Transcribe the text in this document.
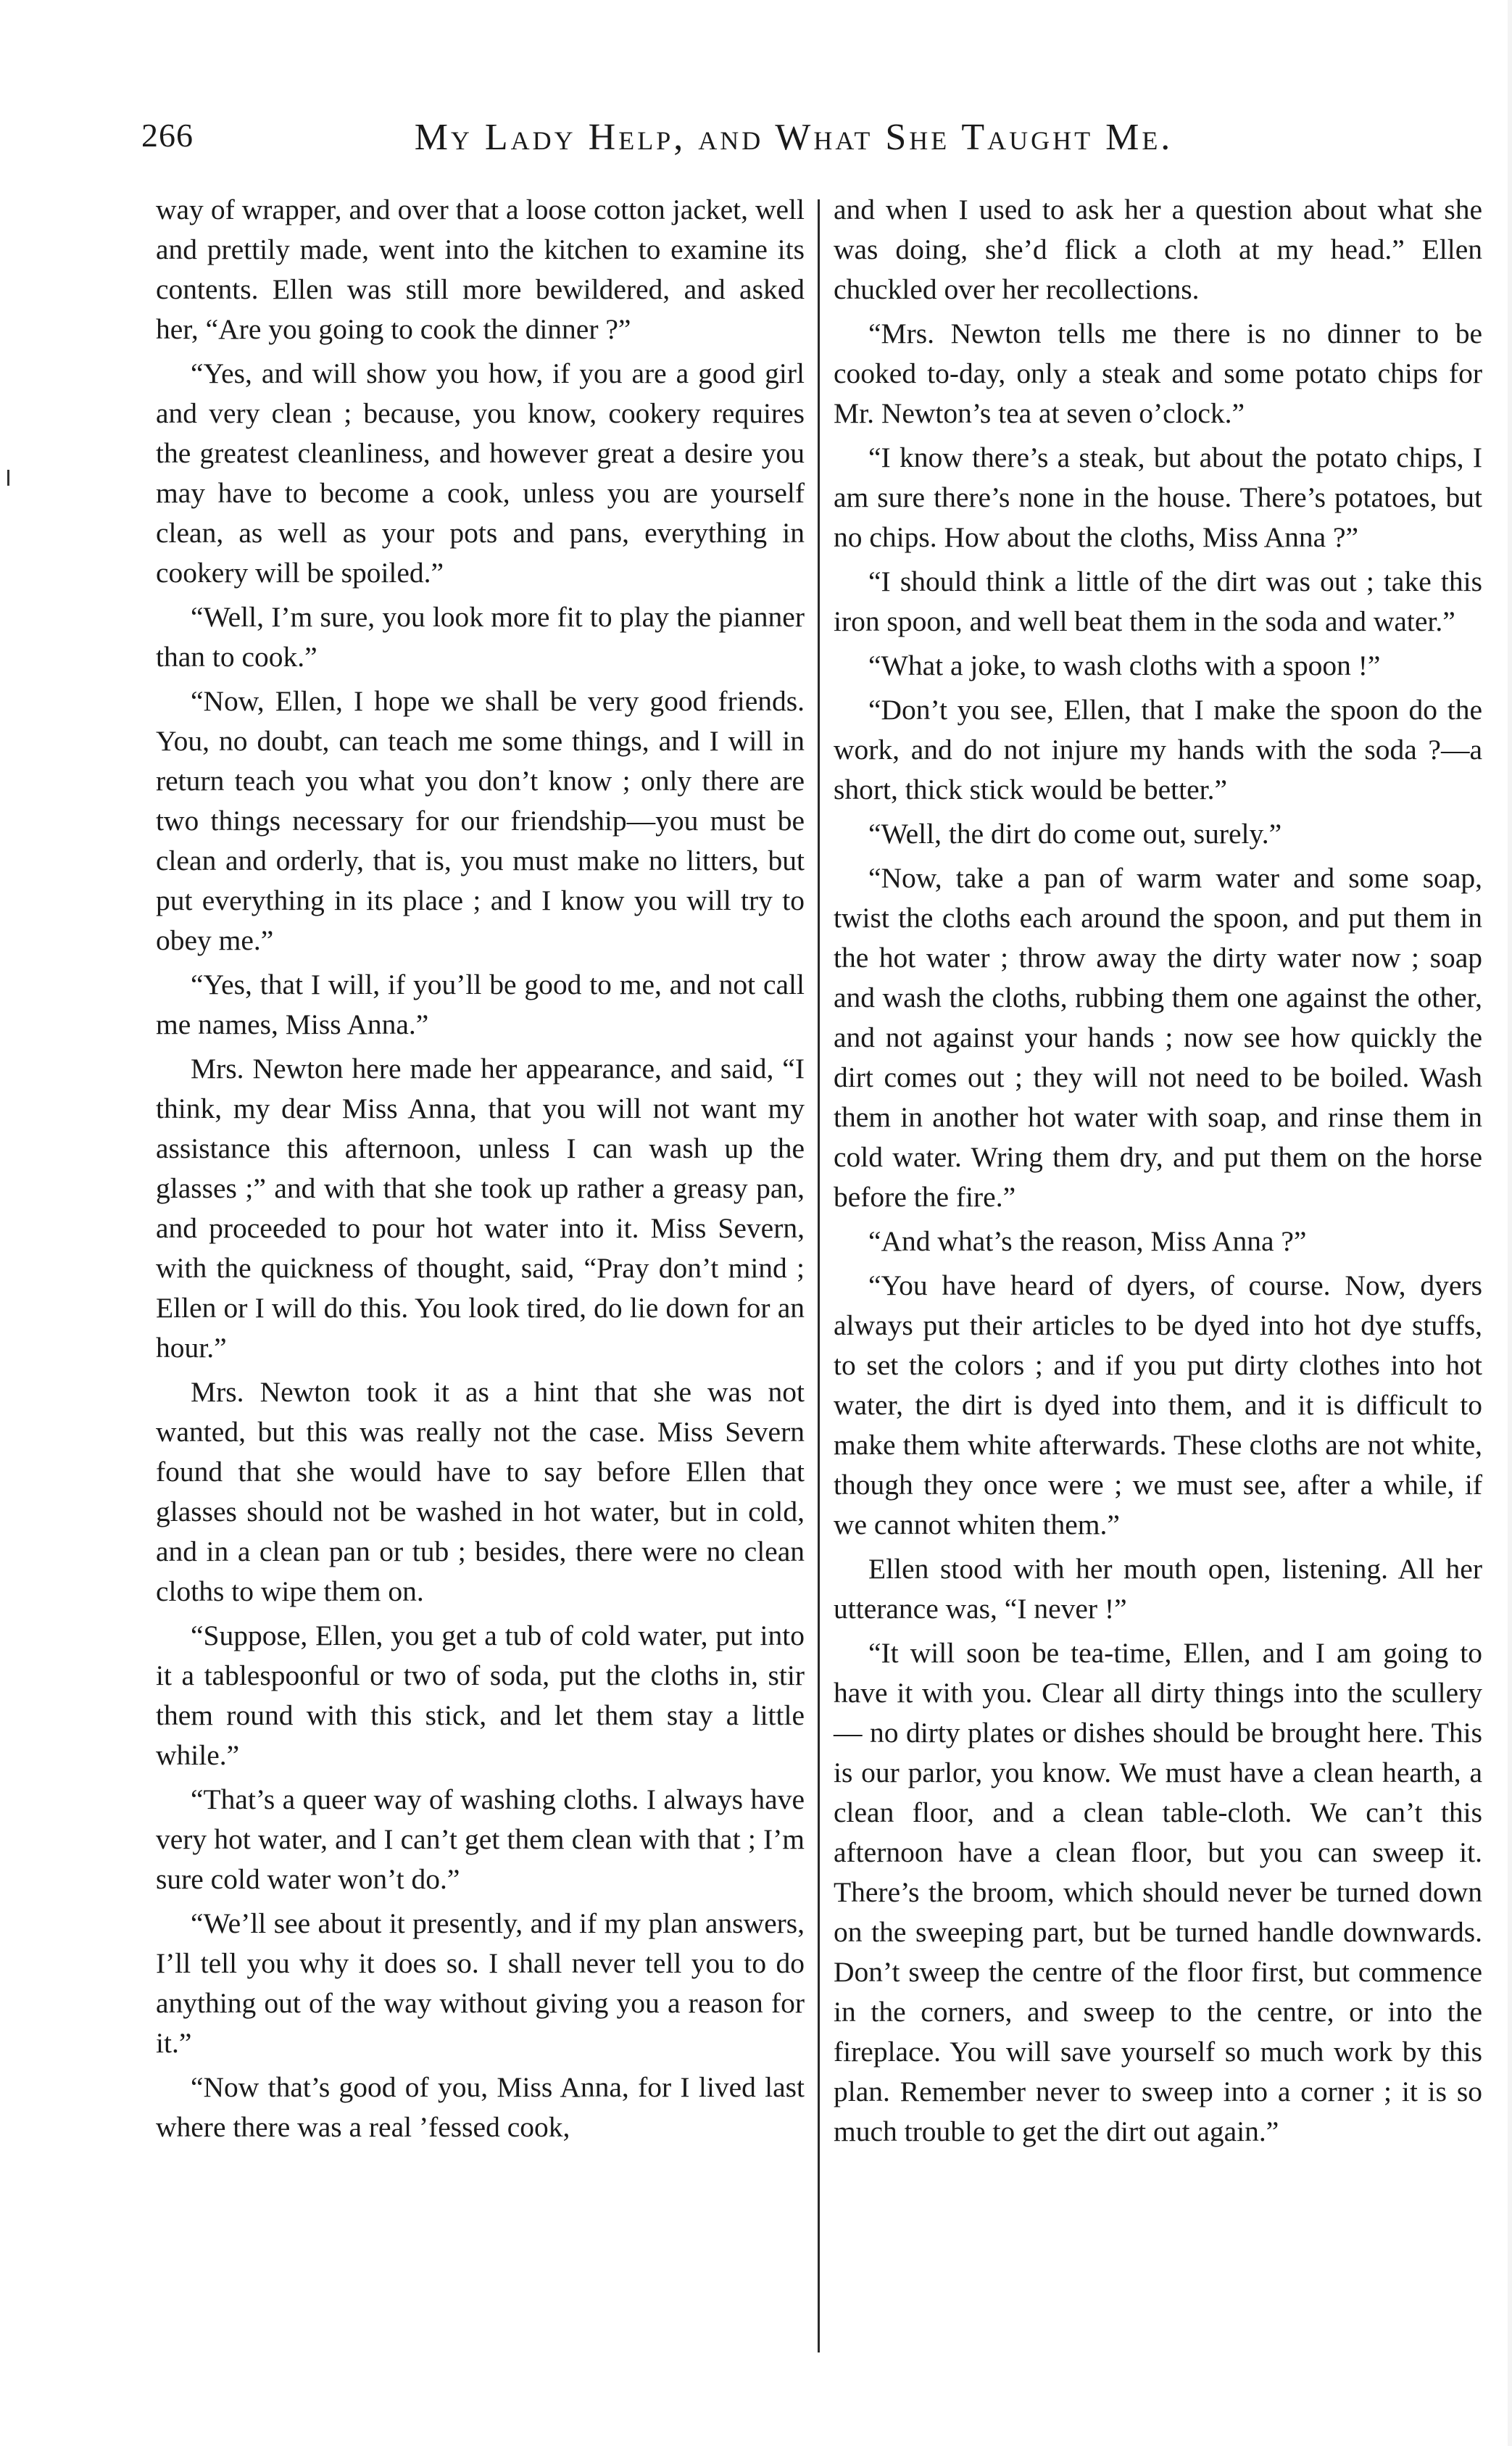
266	My Lady Help, and What She Taught Me.

way of wrapper, and over that a loose cotton jacket, well and prettily made, went into the kitchen to examine its contents. Ellen was still more bewildered, and asked her, “Are you going to cook the dinner ?”

“Yes, and will show you how, if you are a good girl and very clean ; because, you know, cookery requires the greatest cleanliness, and however great a desire you may have to become a cook, unless you are yourself clean, as well as your pots and pans, everything in cookery will be spoiled.”

“Well, I’m sure, you look more fit to play the pianner than to cook.”

“Now, Ellen, I hope we shall be very good friends. You, no doubt, can teach me some things, and I will in return teach you what you don’t know ; only there are two things necessary for our friendship—you must be clean and orderly, that is, you must make no litters, but put everything in its place ; and I know you will try to obey me.”

“Yes, that I will, if you’ll be good to me, and not call me names, Miss Anna.”

Mrs. Newton here made her appearance, and said, “I think, my dear Miss Anna, that you will not want my assistance this afternoon, unless I can wash up the glasses ;” and with that she took up rather a greasy pan, and proceeded to pour hot water into it. Miss Severn, with the quickness of thought, said, “Pray don’t mind ; Ellen or I will do this. You look tired, do lie down for an hour.”

Mrs. Newton took it as a hint that she was not wanted, but this was really not the case. Miss Severn found that she would have to say before Ellen that glasses should not be washed in hot water, but in cold, and in a clean pan or tub ; besides, there were no clean cloths to wipe them on.

“Suppose, Ellen, you get a tub of cold water, put into it a tablespoonful or two of soda, put the cloths in, stir them round with this stick, and let them stay a little while.”

“That’s a queer way of washing cloths. I always have very hot water, and I can’t get them clean with that ; I’m sure cold water won’t do.”

“We’ll see about it presently, and if my plan answers, I’ll tell you why it does so. I shall never tell you to do anything out of the way without giving you a reason for it.”

“Now that’s good of you, Miss Anna, for I lived last where there was a real ’fessed cook,

and when I used to ask her a question about what she was doing, she’d flick a cloth at my head.” Ellen chuckled over her recollections.

“Mrs. Newton tells me there is no dinner to be cooked to-day, only a steak and some potato chips for Mr. Newton’s tea at seven o’clock.”

“I know there’s a steak, but about the potato chips, I am sure there’s none in the house. There’s potatoes, but no chips. How about the cloths, Miss Anna ?”

“I should think a little of the dirt was out ; take this iron spoon, and well beat them in the soda and water.”

“What a joke, to wash cloths with a spoon !”

“Don’t you see, Ellen, that I make the spoon do the work, and do not injure my hands with the soda ?—a short, thick stick would be better.”

“Well, the dirt do come out, surely.”

“Now, take a pan of warm water and some soap, twist the cloths each around the spoon, and put them in the hot water ; throw away the dirty water now ; soap and wash the cloths, rubbing them one against the other, and not against your hands ; now see how quickly the dirt comes out ; they will not need to be boiled. Wash them in another hot water with soap, and rinse them in cold water. Wring them dry, and put them on the horse before the fire.”

“And what’s the reason, Miss Anna ?”

“You have heard of dyers, of course. Now, dyers always put their articles to be dyed into hot dye stuffs, to set the colors ; and if you put dirty clothes into hot water, the dirt is dyed into them, and it is difficult to make them white afterwards. These cloths are not white, though they once were ; we must see, after a while, if we cannot whiten them.”

Ellen stood with her mouth open, listening. All her utterance was, “I never !”

“It will soon be tea-time, Ellen, and I am going to have it with you. Clear all dirty things into the scullery — no dirty plates or dishes should be brought here. This is our parlor, you know. We must have a clean hearth, a clean floor, and a clean table-cloth. We can’t this afternoon have a clean floor, but you can sweep it. There’s the broom, which should never be turned down on the sweeping part, but be turned handle downwards. Don’t sweep the centre of the floor first, but commence in the corners, and sweep to the centre, or into the fireplace. You will save yourself so much work by this plan. Remember never to sweep into a corner ; it is so much trouble to get the dirt out again.”
